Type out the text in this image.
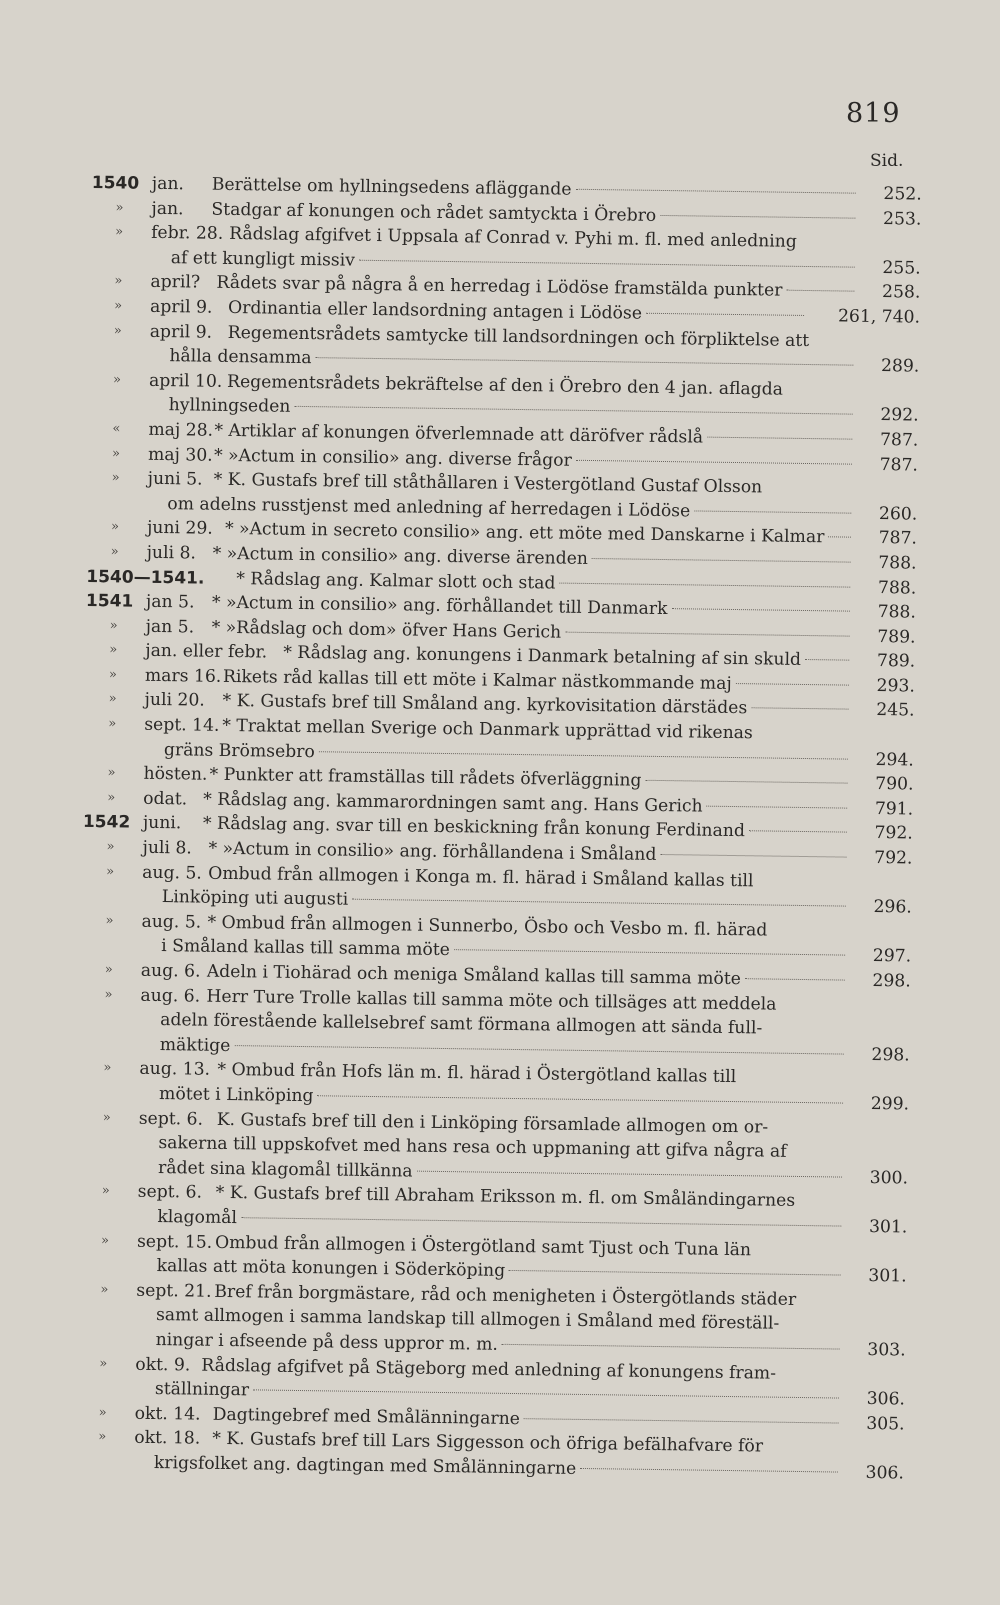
819
Sid.
1540 jan.	Berättelse om hyllningsedens afläggande	252.
» jan.	Stadgar af konungen och rådet samtyckta i Örebro	253.
» febr. 28. Rådslag afgifvet i Uppsala af Conrad v. Pyhi m. fl. med anledning
af ett kungligt missiv	255.
» april? Rådets svar på några å en herredag i Lödöse framstälda punkter	258.
» april 9. Ordinantia eller landsordning antagen i Lödöse	261, 740.
» april 9. Regementsrådets samtycke till landsordningen och förpliktelse att
hålla densamma	289.
» april 10. Regementsrådets bekräftelse af den i Örebro den 4 jan. aflagda
hyllningseden	292.
« maj 28. * Artiklar af konungen öfverlemnade att däröfver rådslå	787.
» maj 30. * »Actum in consilio» ang. diverse frågor	787.
» juni 5. * K. Gustafs bref till ståthållaren i Vestergötland Gustaf Olsson
om adelns russtjenst med anledning af herredagen i Lödöse	260.
» juni 29. * »Actum in secreto consilio» ang. ett möte med Danskarne i Kalmar	787.
» juli 8. * »Actum in consilio» ang. diverse ärenden	788.
1540—1541.	* Rådslag ang. Kalmar slott och stad	788.
1541 jan 5.	* »Actum in consilio» ang. förhållandet till Danmark	788.
» jan 5.	* »Rådslag och dom» öfver Hans Gerich	789.
» jan. eller febr. * Rådslag ang. konungens i Danmark betalning af sin skuld	789.
» mars 16. Rikets råd kallas till ett möte i Kalmar nästkommande maj	293.
» juli 20.	* K. Gustafs bref till Småland ang. kyrkovisitation därstädes	245.
» sept. 14. * Traktat mellan Sverige och Danmark upprättad vid rikenas
gräns Brömsebro	294.
» hösten. * Punkter att framställas till rådets öfverläggning	790.
» odat. * Rådslag ang. kammarordningen samt ang. Hans Gerich	791.
1542 juni.	* Rådslag ang. svar till en beskickning från konung Ferdinand	792.
» juli 8. * »Actum in consilio» ang. förhållandena i Småland	792.
» aug. 5. Ombud från allmogen i Konga m. fl. härad i Småland kallas till
Linköping uti augusti	296.
» aug. 5. * Ombud från allmogen i Sunnerbo, Ösbo och Vesbo m. fl. härad
i Småland kallas till samma möte	297.
» aug. 6. Adeln i Tiohärad och meniga Småland kallas till samma möte	298.
» aug. 6. Herr Ture Trolle kallas till samma möte och tillsäges att meddela
adeln förestående kallelsebref samt förmana allmogen att sända full-
mäktige	298.
» aug. 13. * Ombud från Hofs län m. fl. härad i Östergötland kallas till
mötet i Linköping	299.
» sept. 6. K. Gustafs bref till den i Linköping församlade allmogen om or-
sakerna till uppskofvet med hans resa och uppmaning att gifva några af
rådet sina klagomål tillkänna	300.
» sept. 6. * K. Gustafs bref till Abraham Eriksson m. fl. om Småländingarnes
klagomål	301.
» sept. 15. Ombud från allmogen i Östergötland samt Tjust och Tuna län
kallas att möta konungen i Söderköping	301.
» sept. 21. Bref från borgmästare, råd och menigheten i Östergötlands städer
samt allmogen i samma landskap till allmogen i Småland med föreställ-
ningar i afseende på dess uppror m. m.	303.
» okt. 9. Rådslag afgifvet på Stägeborg med anledning af konungens fram-
ställningar	306.
» okt. 14. Dagtingebref med Smålänningarne	305.
» okt. 18. * K. Gustafs bref till Lars Siggesson och öfriga befälhafvare för
krigsfolket ang. dagtingan med Smålänningarne	306.
